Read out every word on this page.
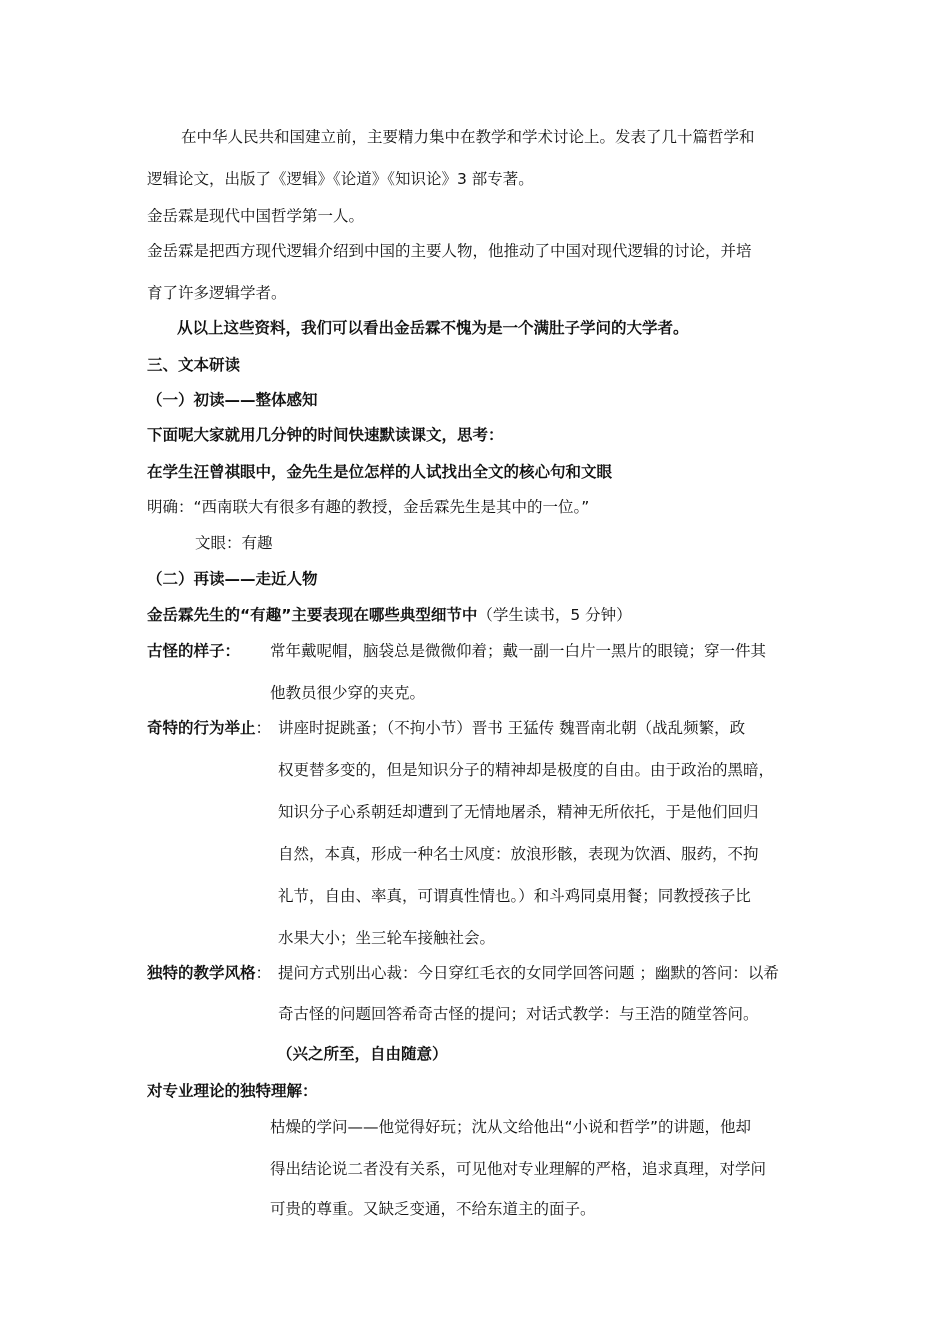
在中华人民共和国建立前，主要精力集中在教学和学术讨论上。发表了几十篇哲学和
逻辑论文，出版了《逻辑》《论道》《知识论》3 部专著。
金岳霖是现代中国哲学第一人。
金岳霖是把西方现代逻辑介绍到中国的主要人物，他推动了中国对现代逻辑的讨论，并培
育了许多逻辑学者。
从以上这些资料，我们可以看出金岳霖不愧为是一个满肚子学问的大学者。
三、文本研读
（一）初读——整体感知
下面呢大家就用几分钟的时间快速默读课文，思考：
在学生汪曾祺眼中，金先生是位怎样的人试找出全文的核心句和文眼
明确：“西南联大有很多有趣的教授，金岳霖先生是其中的一位。”
文眼：有趣
（二）再读——走近人物
金岳霖先生的“有趣”主要表现在哪些典型细节中（学生读书，5 分钟）
古怪的样子： 常年戴呢帽，脑袋总是微微仰着；戴一副一白片一黑片的眼镜；穿一件其
他教员很少穿的夹克。
奇特的行为举止： 讲座时捉跳蚤；（不拘小节）晋书 王猛传 魏晋南北朝（战乱频繁，政
权更替多变的，但是知识分子的精神却是极度的自由。由于政治的黑暗，
知识分子心系朝廷却遭到了无情地屠杀，精神无所依托，于是他们回归
自然，本真，形成一种名士风度：放浪形骸，表现为饮酒、服药，不拘
礼节，自由、率真，可谓真性情也。）和斗鸡同桌用餐；同教授孩子比
水果大小；坐三轮车接触社会。
独特的教学风格： 提问方式别出心裁：今日穿红毛衣的女同学回答问题 ；幽默的答问：以希
奇古怪的问题回答希奇古怪的提问；对话式教学：与王浩的随堂答问。
（兴之所至，自由随意）
对专业理论的独特理解：
枯燥的学问——他觉得好玩；沈从文给他出“小说和哲学”的讲题，他却
得出结论说二者没有关系，可见他对专业理解的严格，追求真理，对学问
可贵的尊重。又缺乏变通，不给东道主的面子。
